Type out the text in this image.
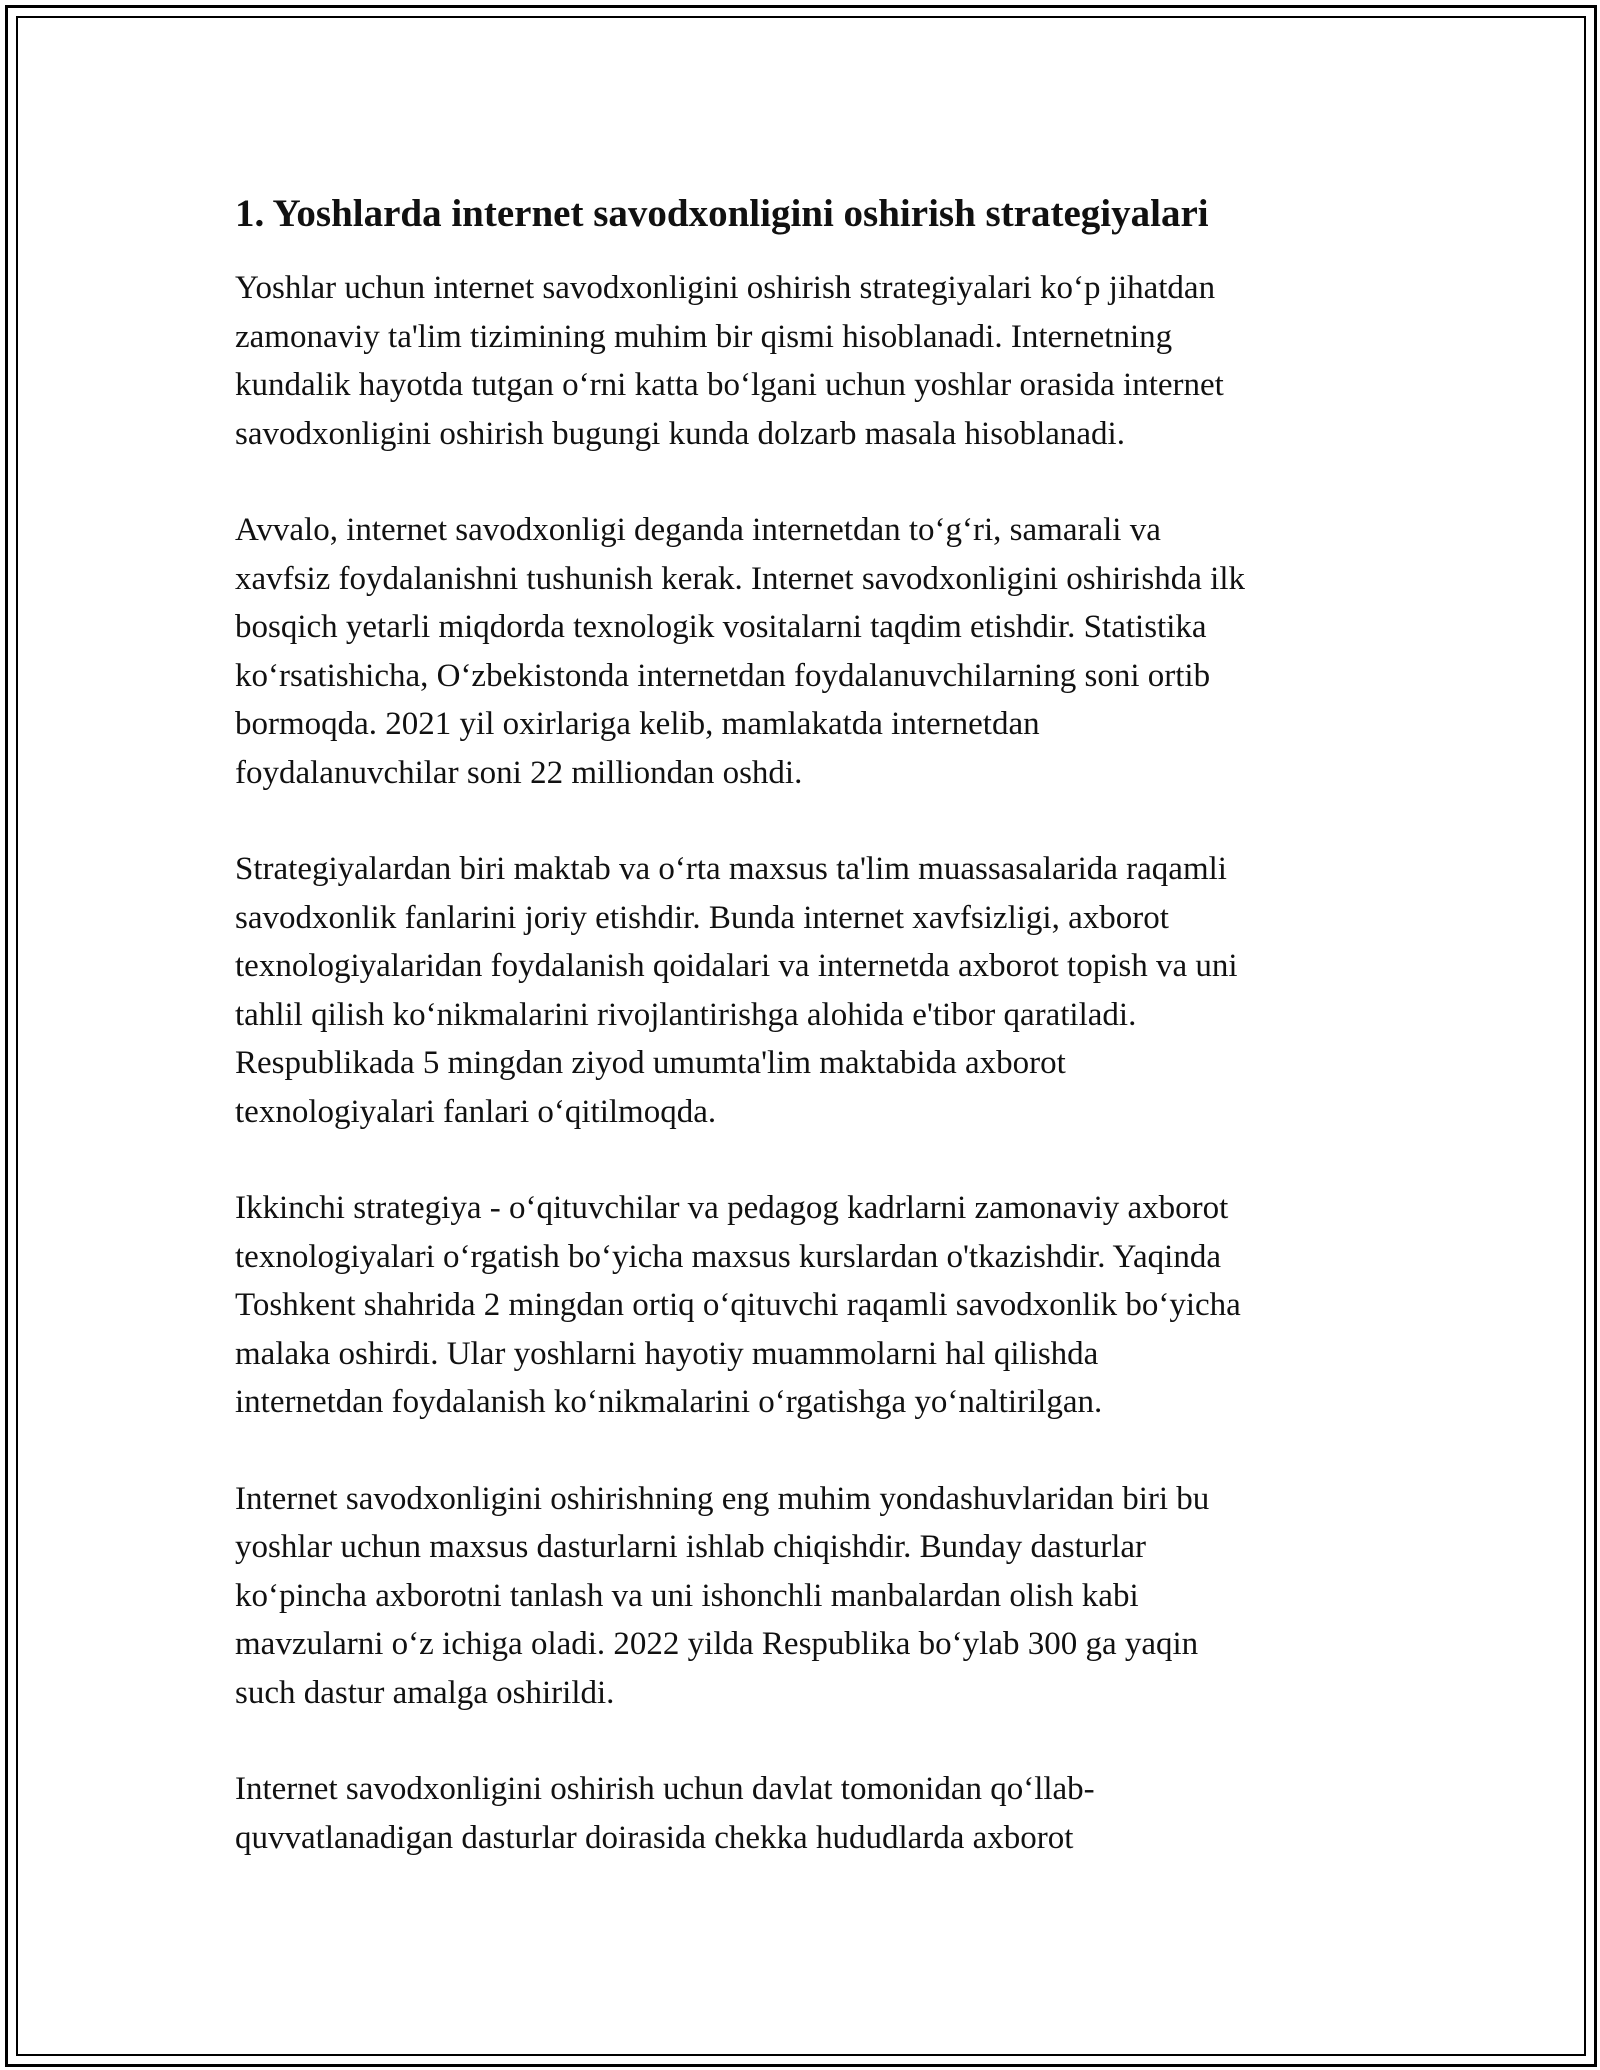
1. Yoshlarda internet savodxonligini oshirish strategiyalari

Yoshlar uchun internet savodxonligini oshirish strategiyalari ko‘p jihatdan
zamonaviy ta'lim tizimining muhim bir qismi hisoblanadi. Internetning
kundalik hayotda tutgan o‘rni katta bo‘lgani uchun yoshlar orasida internet
savodxonligini oshirish bugungi kunda dolzarb masala hisoblanadi.

Avvalo, internet savodxonligi deganda internetdan to‘g‘ri, samarali va
xavfsiz foydalanishni tushunish kerak. Internet savodxonligini oshirishda ilk
bosqich yetarli miqdorda texnologik vositalarni taqdim etishdir. Statistika
ko‘rsatishicha, O‘zbekistonda internetdan foydalanuvchilarning soni ortib
bormoqda. 2021 yil oxirlariga kelib, mamlakatda internetdan
foydalanuvchilar soni 22 milliondan oshdi.

Strategiyalardan biri maktab va o‘rta maxsus ta'lim muassasalarida raqamli
savodxonlik fanlarini joriy etishdir. Bunda internet xavfsizligi, axborot
texnologiyalaridan foydalanish qoidalari va internetda axborot topish va uni
tahlil qilish ko‘nikmalarini rivojlantirishga alohida e'tibor qaratiladi.
Respublikada 5 mingdan ziyod umumta'lim maktabida axborot
texnologiyalari fanlari o‘qitilmoqda.

Ikkinchi strategiya - o‘qituvchilar va pedagog kadrlarni zamonaviy axborot
texnologiyalari o‘rgatish bo‘yicha maxsus kurslardan o'tkazishdir. Yaqinda
Toshkent shahrida 2 mingdan ortiq o‘qituvchi raqamli savodxonlik bo‘yicha
malaka oshirdi. Ular yoshlarni hayotiy muammolarni hal qilishda
internetdan foydalanish ko‘nikmalarini o‘rgatishga yo‘naltirilgan.

Internet savodxonligini oshirishning eng muhim yondashuvlaridan biri bu
yoshlar uchun maxsus dasturlarni ishlab chiqishdir. Bunday dasturlar
ko‘pincha axborotni tanlash va uni ishonchli manbalardan olish kabi
mavzularni o‘z ichiga oladi. 2022 yilda Respublika bo‘ylab 300 ga yaqin
such dastur amalga oshirildi.

Internet savodxonligini oshirish uchun davlat tomonidan qo‘llab-
quvvatlanadigan dasturlar doirasida chekka hududlarda axborot
